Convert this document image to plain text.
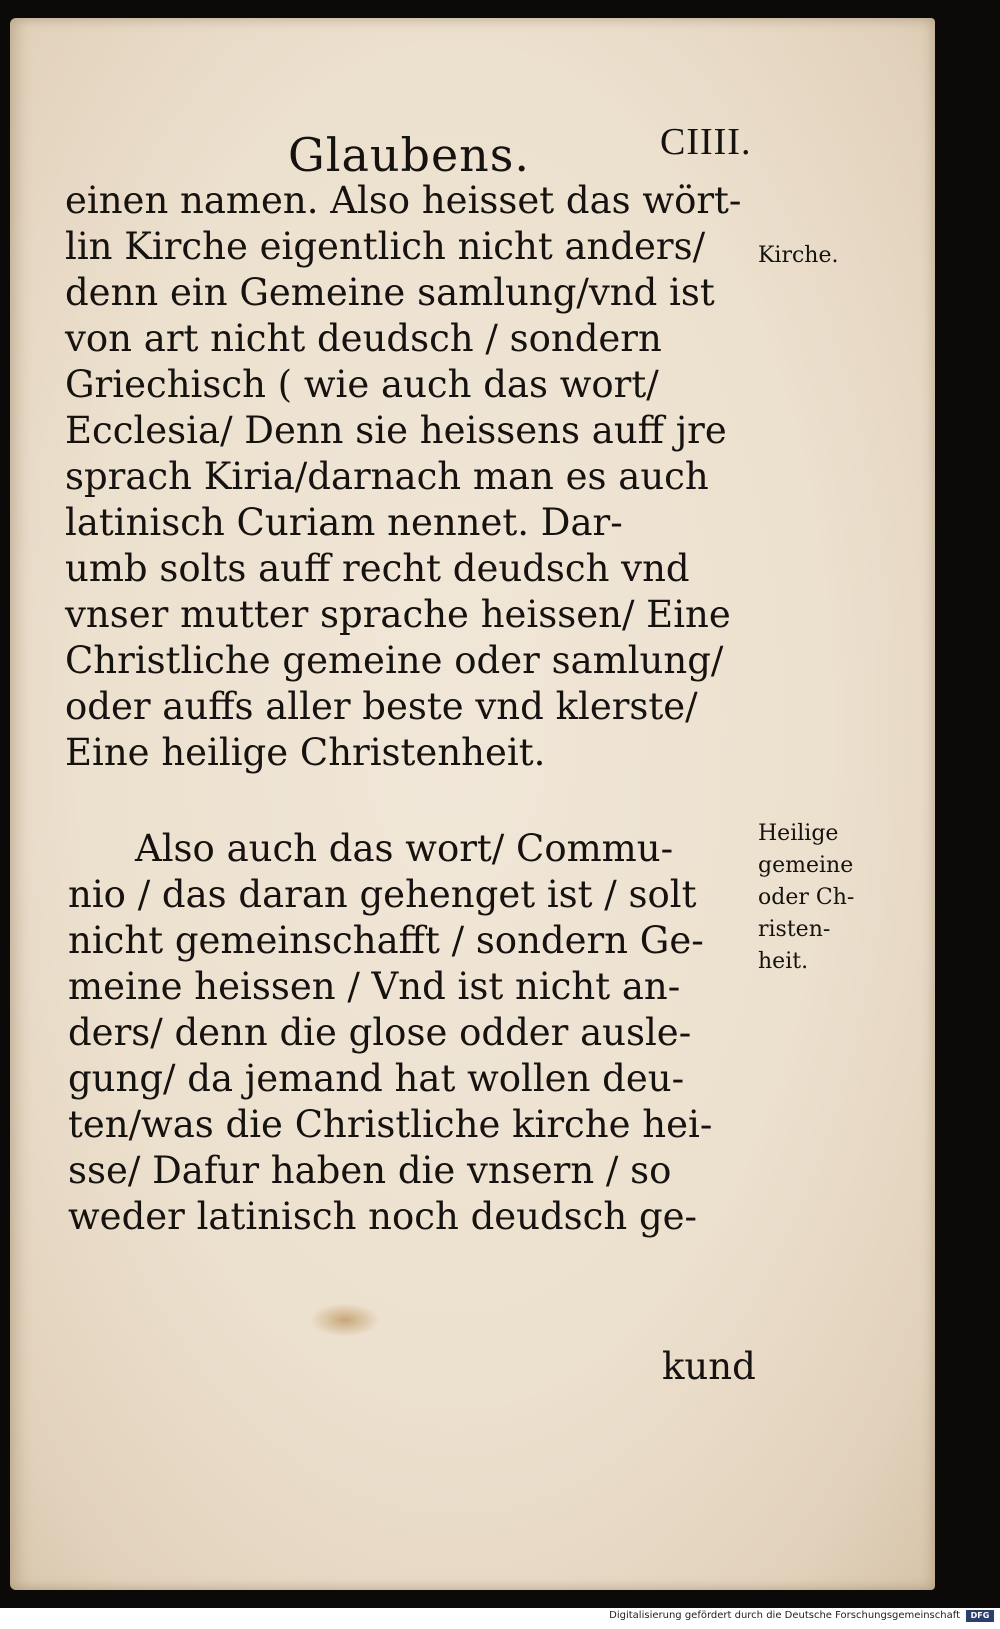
Glaubens.	CIIII.
einen namen. Also heisset das wört-
lin Kirche eigentlich nicht anders/
denn ein Gemeine samlung/vnd ist
von art nicht deudsch / sondern
Griechisch ( wie auch das wort/
Ecclesia/ Denn sie heissens auff jre
sprach Kiria/darnach man es auch
latinisch Curiam nennet. Dar-
umb solts auff recht deudsch vnd
vnser mutter sprache heissen/ Eine
Christliche gemeine oder samlung/
oder auffs aller beste vnd klerste/
Eine heilige Christenheit.
Also auch das wort/ Commu-
nio / das daran gehenget ist / solt
nicht gemeinschafft / sondern Ge-
meine heissen / Vnd ist nicht an-
ders/ denn die glose odder ausle-
gung/ da jemand hat wollen deu-
ten/was die Christliche kirche hei-
sse/ Dafur haben die vnsern / so
weder latinisch noch deudsch ge-
kund
Kirche.
Heilige
gemeine
oder Ch-
risten-
heit.
Digitalisierung gefördert durch die Deutsche Forschungsgemeinschaft	DFG
